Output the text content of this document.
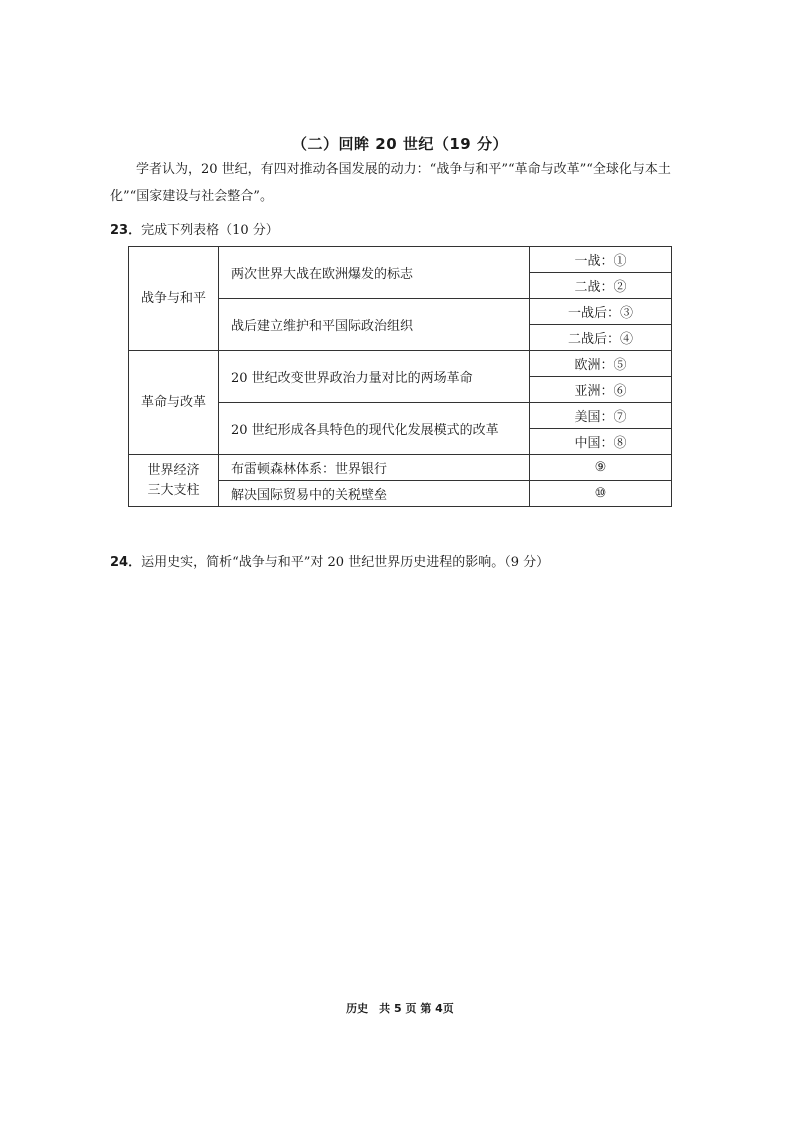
（二）回眸 20 世纪（19 分）

学者认为，20 世纪，有四对推动各国发展的动力：“战争与和平”“革命与改革”“全球化与本土化”“国家建设与社会整合”。

23．完成下列表格（10 分）
战争与和平	两次世界大战在欧洲爆发的标志	一战：①
		二战：②
	战后建立维护和平国际政治组织	一战后：③
		二战后：④
革命与改革	20 世纪改变世界政治力量对比的两场革命	欧洲：⑤
		亚洲：⑥
	20 世纪形成各具特色的现代化发展模式的改革	美国：⑦
		中国：⑧

世界经济
三大支柱	布雷顿森林体系：世界银行	⑨
	解决国际贸易中的关税壁垒	⑩
24．运用史实，简析“战争与和平”对 20 世纪世界历史进程的影响。（9 分）
历史　共 5 页 第 4页
